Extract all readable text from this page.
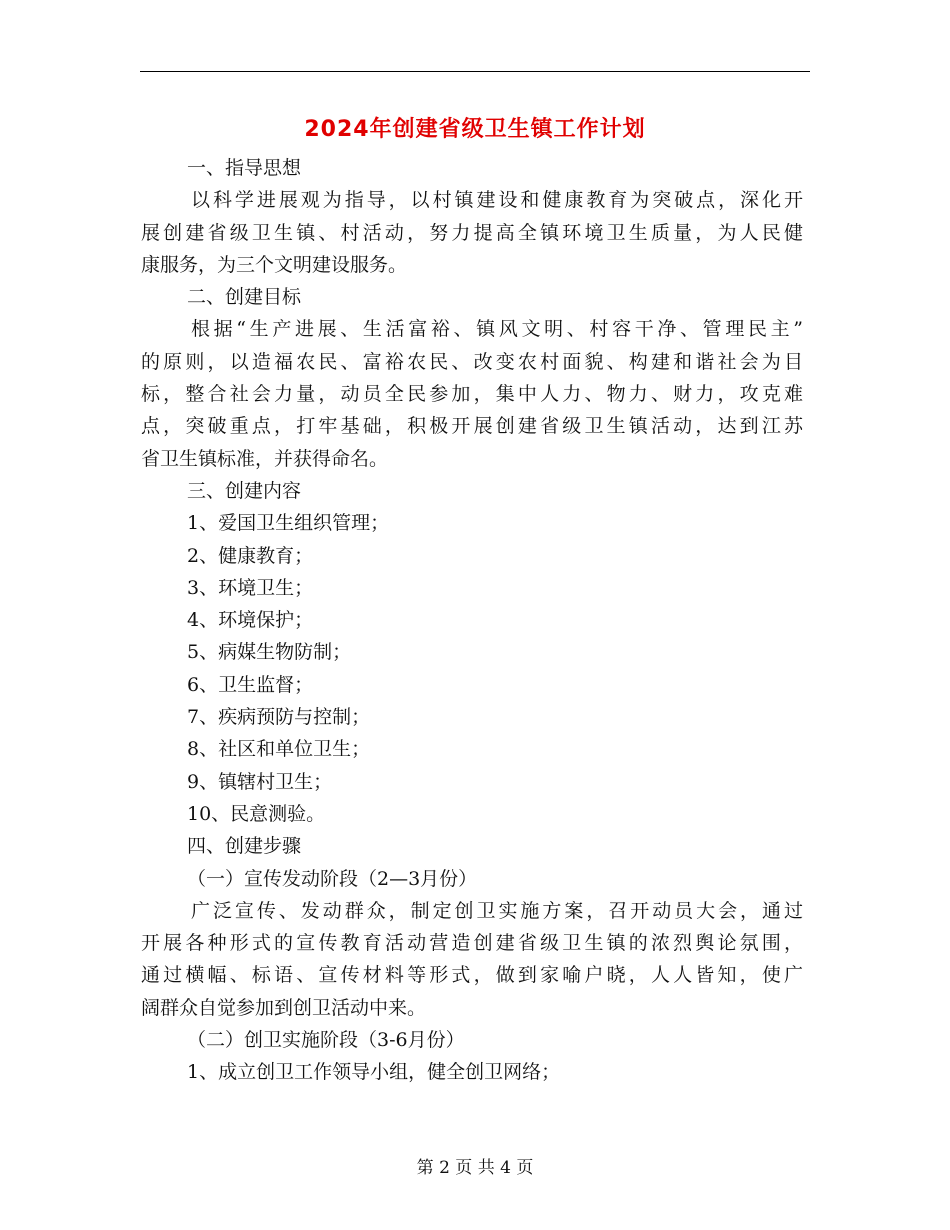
2024年创建省级卫生镇工作计划

一、指导思想

以科学进展观为指导，以村镇建设和健康教育为突破点，深化开

展创建省级卫生镇、村活动，努力提高全镇环境卫生质量，为人民健

康服务，为三个文明建设服务。

二、创建目标

根据“生产进展、生活富裕、镇风文明、村容干净、管理民主”

的原则，以造福农民、富裕农民、改变农村面貌、构建和谐社会为目

标，整合社会力量，动员全民参加，集中人力、物力、财力，攻克难

点，突破重点，打牢基础，积极开展创建省级卫生镇活动，达到江苏

省卫生镇标准，并获得命名。

三、创建内容

1、爱国卫生组织管理；

2、健康教育；

3、环境卫生；

4、环境保护；

5、病媒生物防制；

6、卫生监督；

7、疾病预防与控制；

8、社区和单位卫生；

9、镇辖村卫生；

10、民意测验。

四、创建步骤

（一）宣传发动阶段（2—3月份）

广泛宣传、发动群众，制定创卫实施方案，召开动员大会，通过

开展各种形式的宣传教育活动营造创建省级卫生镇的浓烈舆论氛围，

通过横幅、标语、宣传材料等形式，做到家喻户晓，人人皆知，使广

阔群众自觉参加到创卫活动中来。

（二）创卫实施阶段（3-6月份）

1、成立创卫工作领导小组，健全创卫网络；

第 2 页 共 4 页
